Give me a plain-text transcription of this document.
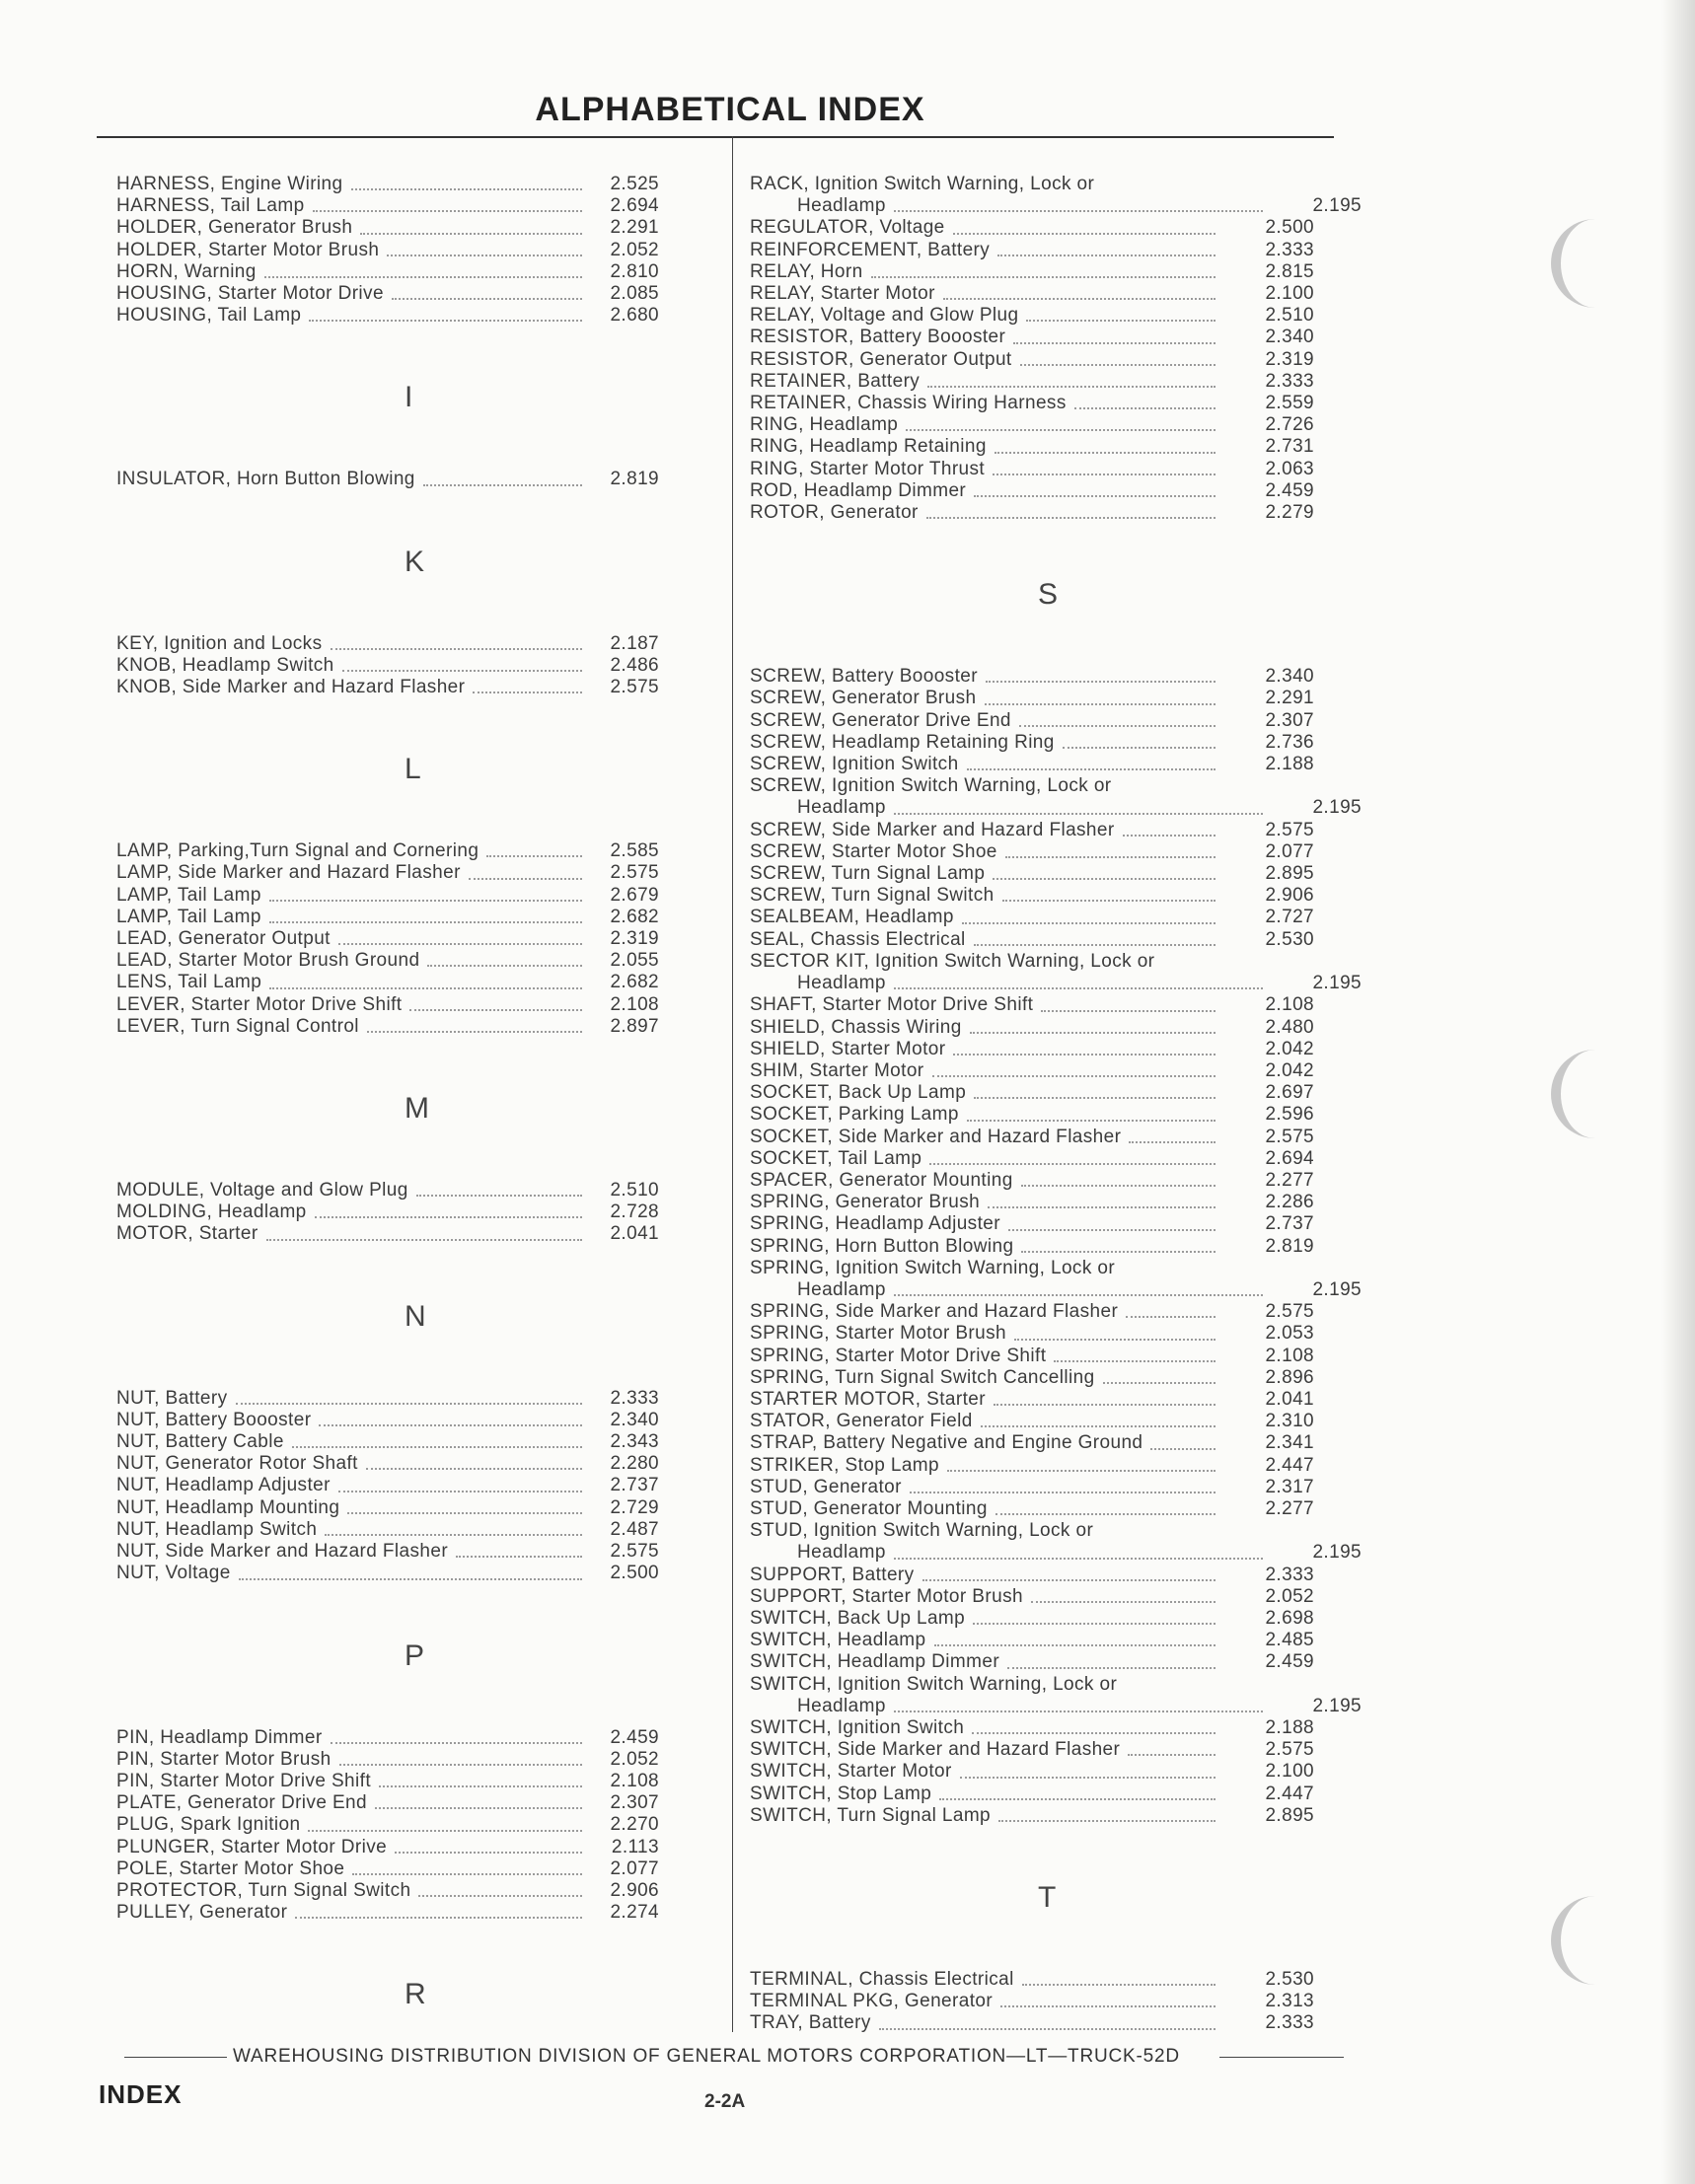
ALPHABETICAL INDEX
HARNESS, Engine Wiring	2.525
HARNESS, Tail Lamp	2.694
HOLDER, Generator Brush	2.291
HOLDER, Starter Motor Brush	2.052
HORN, Warning	2.810
HOUSING, Starter Motor Drive	2.085
HOUSING, Tail Lamp	2.680
I
INSULATOR, Horn Button Blowing	2.819
K
KEY, Ignition and Locks	2.187
KNOB, Headlamp Switch	2.486
KNOB, Side Marker and Hazard Flasher	2.575
L
LAMP, Parking,Turn Signal and Cornering	2.585
LAMP, Side Marker and Hazard Flasher	2.575
LAMP, Tail Lamp	2.679
LAMP, Tail Lamp	2.682
LEAD, Generator Output	2.319
LEAD, Starter Motor Brush Ground	2.055
LENS, Tail Lamp	2.682
LEVER, Starter Motor Drive Shift	2.108
LEVER, Turn Signal Control	2.897
M
MODULE, Voltage and Glow Plug	2.510
MOLDING, Headlamp	2.728
MOTOR, Starter	2.041
N
NUT, Battery	2.333
NUT, Battery Boooster	2.340
NUT, Battery Cable	2.343
NUT, Generator Rotor Shaft	2.280
NUT, Headlamp Adjuster	2.737
NUT, Headlamp Mounting	2.729
NUT, Headlamp Switch	2.487
NUT, Side Marker and Hazard Flasher	2.575
NUT, Voltage	2.500
P
PIN, Headlamp Dimmer	2.459
PIN, Starter Motor Brush	2.052
PIN, Starter Motor Drive Shift	2.108
PLATE, Generator Drive End	2.307
PLUG, Spark Ignition	2.270
PLUNGER, Starter Motor Drive	2.113
POLE, Starter Motor Shoe	2.077
PROTECTOR, Turn Signal Switch	2.906
PULLEY, Generator	2.274
R
RACK, Ignition Switch Warning, Lock or
Headlamp	2.195
REGULATOR, Voltage	2.500
REINFORCEMENT, Battery	2.333
RELAY, Horn	2.815
RELAY, Starter Motor	2.100
RELAY, Voltage and Glow Plug	2.510
RESISTOR, Battery Boooster	2.340
RESISTOR, Generator Output	2.319
RETAINER, Battery	2.333
RETAINER, Chassis Wiring Harness	2.559
RING, Headlamp	2.726
RING, Headlamp Retaining	2.731
RING, Starter Motor Thrust	2.063
ROD, Headlamp Dimmer	2.459
ROTOR, Generator	2.279
S
SCREW, Battery Boooster	2.340
SCREW, Generator Brush	2.291
SCREW, Generator Drive End	2.307
SCREW, Headlamp Retaining Ring	2.736
SCREW, Ignition Switch	2.188
SCREW, Ignition Switch Warning, Lock or
Headlamp	2.195
SCREW, Side Marker and Hazard Flasher	2.575
SCREW, Starter Motor Shoe	2.077
SCREW, Turn Signal Lamp	2.895
SCREW, Turn Signal Switch	2.906
SEALBEAM, Headlamp	2.727
SEAL, Chassis Electrical	2.530
SECTOR KIT, Ignition Switch Warning, Lock or
Headlamp	2.195
SHAFT, Starter Motor Drive Shift	2.108
SHIELD, Chassis Wiring	2.480
SHIELD, Starter Motor	2.042
SHIM, Starter Motor	2.042
SOCKET, Back Up Lamp	2.697
SOCKET, Parking Lamp	2.596
SOCKET, Side Marker and Hazard Flasher	2.575
SOCKET, Tail Lamp	2.694
SPACER, Generator Mounting	2.277
SPRING, Generator Brush	2.286
SPRING, Headlamp Adjuster	2.737
SPRING, Horn Button Blowing	2.819
SPRING, Ignition Switch Warning, Lock or
Headlamp	2.195
SPRING, Side Marker and Hazard Flasher	2.575
SPRING, Starter Motor Brush	2.053
SPRING, Starter Motor Drive Shift	2.108
SPRING, Turn Signal Switch Cancelling	2.896
STARTER MOTOR, Starter	2.041
STATOR, Generator Field	2.310
STRAP, Battery Negative and Engine Ground	2.341
STRIKER, Stop Lamp	2.447
STUD, Generator	2.317
STUD, Generator Mounting	2.277
STUD, Ignition Switch Warning, Lock or
Headlamp	2.195
SUPPORT, Battery	2.333
SUPPORT, Starter Motor Brush	2.052
SWITCH, Back Up Lamp	2.698
SWITCH, Headlamp	2.485
SWITCH, Headlamp Dimmer	2.459
SWITCH, Ignition Switch Warning, Lock or
Headlamp	2.195
SWITCH, Ignition Switch	2.188
SWITCH, Side Marker and Hazard Flasher	2.575
SWITCH, Starter Motor	2.100
SWITCH, Stop Lamp	2.447
SWITCH, Turn Signal Lamp	2.895
T
TERMINAL, Chassis Electrical	2.530
TERMINAL PKG, Generator	2.313
TRAY, Battery	2.333
WAREHOUSING DISTRIBUTION DIVISION OF GENERAL MOTORS CORPORATION—LT—TRUCK-52D
INDEX	2-2A
